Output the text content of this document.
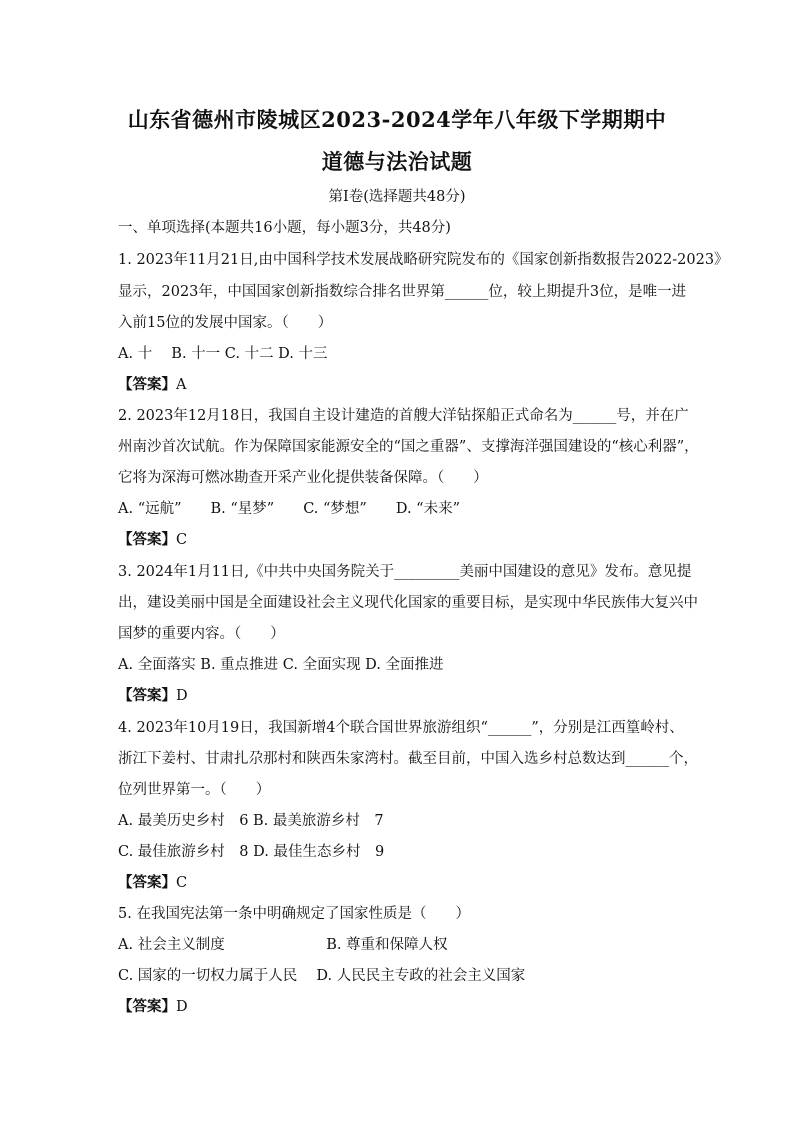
山东省德州市陵城区2023-2024学年八年级下学期期中
道德与法治试题
第Ⅰ卷(选择题共48分)
一、单项选择(本题共16小题，每小题3分，共48分)
1. 2023年11月21日,由中国科学技术发展战略研究院发布的《国家创新指数报告2022-2023》
显示，2023年，中国国家创新指数综合排名世界第______位，较上期提升3位，是唯一进
入前15位的发展中国家。（　　）
A. 十　 B. 十一 C. 十二 D. 十三
【答案】A
2. 2023年12月18日，我国自主设计建造的首艘大洋钻探船正式命名为______号，并在广
州南沙首次试航。作为保障国家能源安全的“国之重器”、支撑海洋强国建设的“核心利器”，
它将为深海可燃冰勘查开采产业化提供装备保障。（　　）
A. “远航”　　B. “星梦”　　C. “梦想”　　D. “未来”
【答案】C
3. 2024年1月11日,《中共中央国务院关于_________美丽中国建设的意见》发布。意见提
出，建设美丽中国是全面建设社会主义现代化国家的重要目标，是实现中华民族伟大复兴中
国梦的重要内容。（　　）
A. 全面落实 B. 重点推进 C. 全面实现 D. 全面推进
【答案】D
4. 2023年10月19日，我国新增4个联合国世界旅游组织“______”，分别是江西篁岭村、
浙江下姜村、甘肃扎尕那村和陕西朱家湾村。截至目前，中国入选乡村总数达到______个，
位列世界第一。（　　）
A. 最美历史乡村　6 B. 最美旅游乡村　7
C. 最佳旅游乡村　8 D. 最佳生态乡村　9
【答案】C
5. 在我国宪法第一条中明确规定了国家性质是（　　）
A. 社会主义制度　　　　　　　B. 尊重和保障人权
C. 国家的一切权力属于人民　 D. 人民民主专政的社会主义国家
【答案】D
